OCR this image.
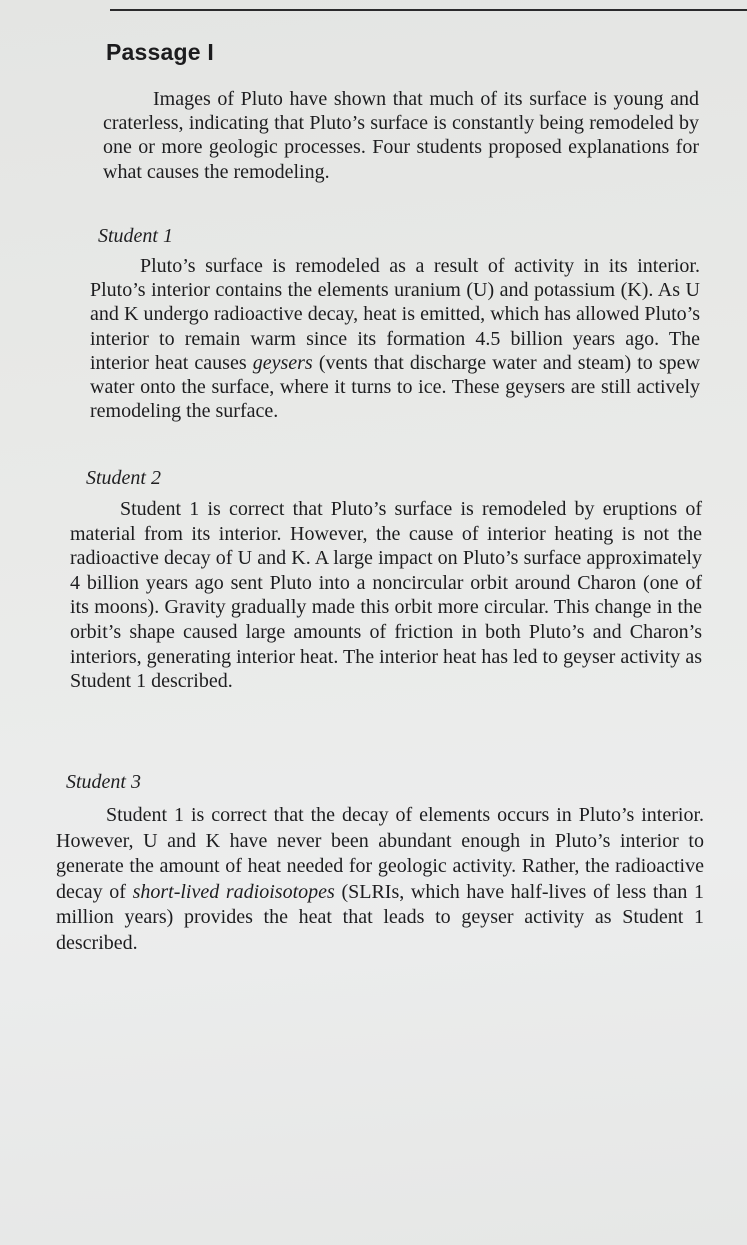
Passage I

Images of Pluto have shown that much of its surface is young and craterless, indicating that Pluto’s surface is constantly being remodeled by one or more geologic processes. Four students proposed explanations for what causes the remodeling.

Student 1

Pluto’s surface is remodeled as a result of activity in its interior. Pluto’s interior contains the elements uranium (U) and potassium (K). As U and K undergo radioactive decay, heat is emitted, which has allowed Pluto’s interior to remain warm since its formation 4.5 billion years ago. The interior heat causes geysers (vents that discharge water and steam) to spew water onto the surface, where it turns to ice. These geysers are still actively remodeling the surface.

Student 2

Student 1 is correct that Pluto’s surface is remodeled by eruptions of material from its interior. However, the cause of interior heating is not the radioactive decay of U and K. A large impact on Pluto’s surface approximately 4 billion years ago sent Pluto into a noncircular orbit around Charon (one of its moons). Gravity gradually made this orbit more circular. This change in the orbit’s shape caused large amounts of friction in both Pluto’s and Charon’s interiors, generating interior heat. The interior heat has led to geyser activity as Student 1 described.

Student 3

Student 1 is correct that the decay of elements occurs in Pluto’s interior. However, U and K have never been abundant enough in Pluto’s interior to generate the amount of heat needed for geologic activity. Rather, the radioactive decay of short-lived radioisotopes (SLRIs, which have half-lives of less than 1 million years) provides the heat that leads to geyser activity as Student 1 described.
